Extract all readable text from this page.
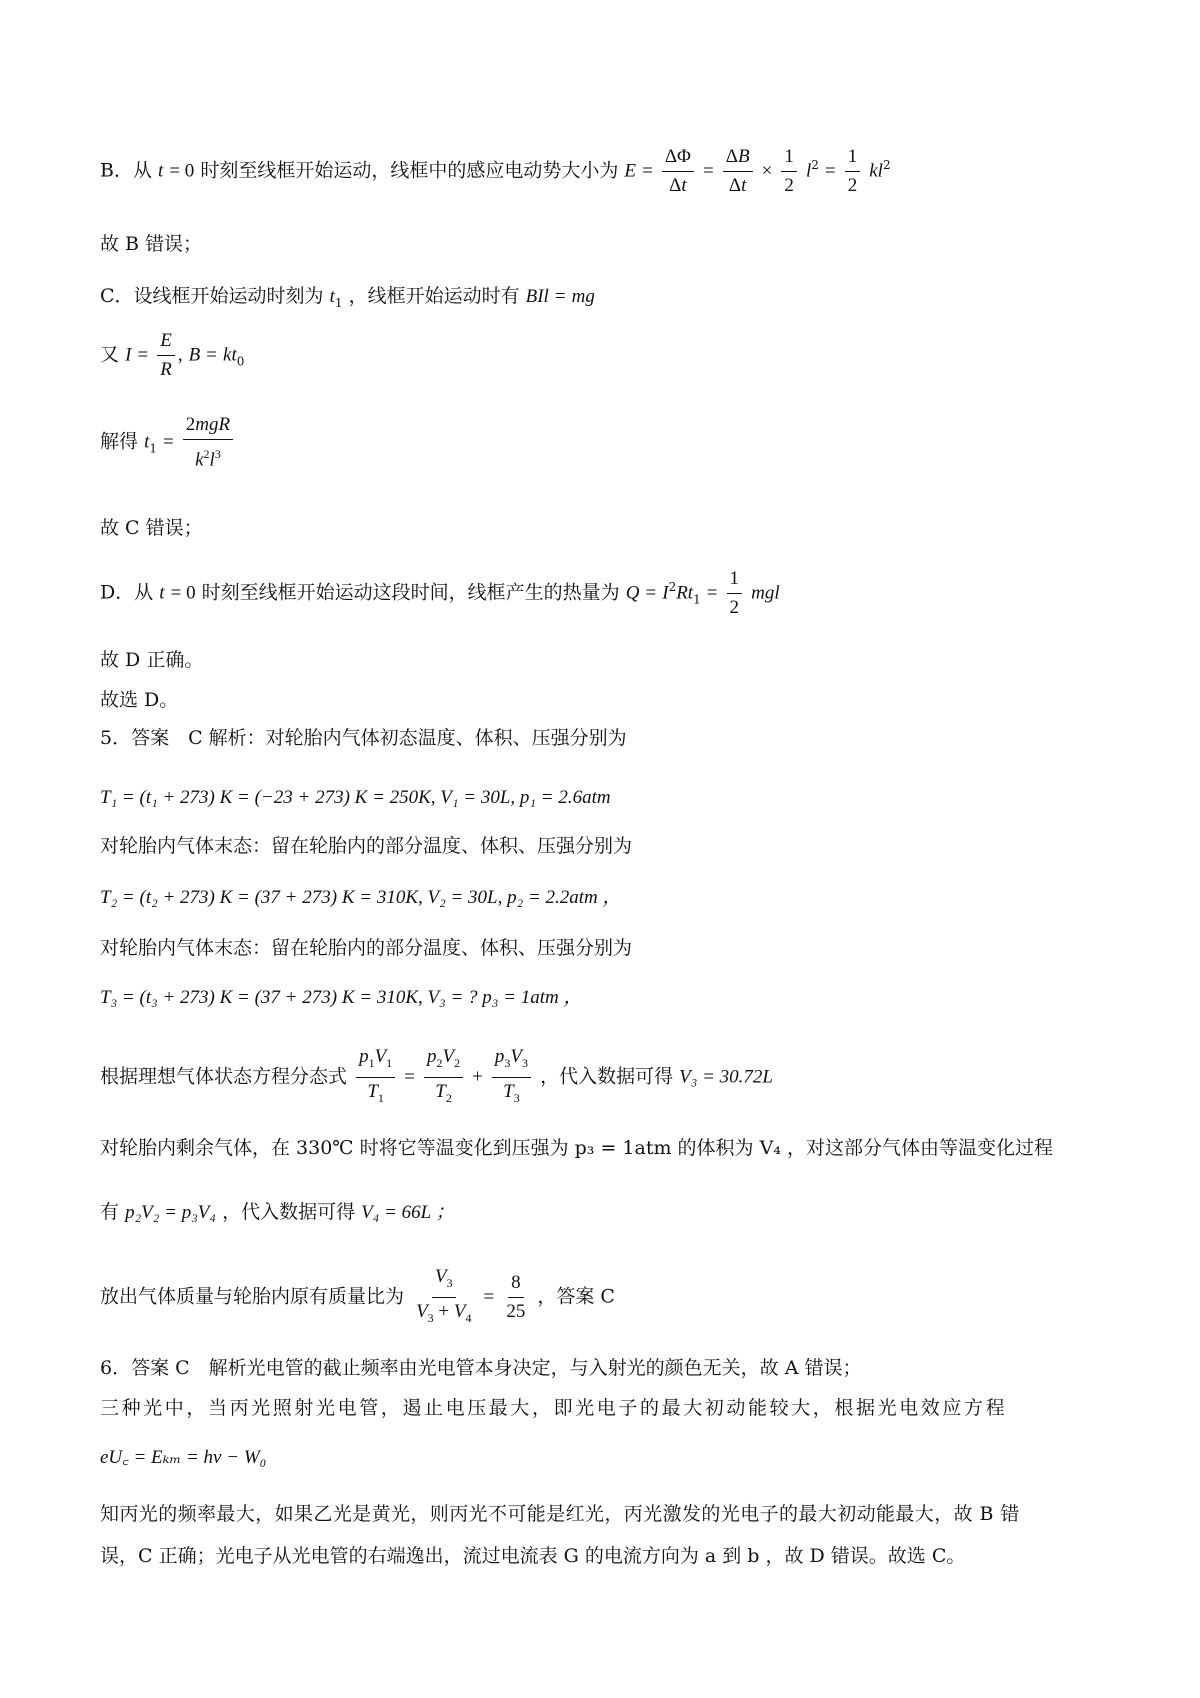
B．从 t = 0 时刻至线框开始运动，线框中的感应电动势大小为 $E = \frac{\Delta\Phi}{\Delta t} = \frac{\Delta B}{\Delta t} \times \frac{1}{2} l^2 = \frac{1}{2} kl^2$
故 B 错误；
C．设线框开始运动时刻为 $t_1$ ，线框开始运动时有 BIl = mg
又 $I = \frac{E}{R}$ , $B = kt_0$
解得 $t_1 = \frac{\text{2mgR}}{k^2l^3}$
故 C 错误；
D．从 t = 0 时刻至线框开始运动这段时间，线框产生的热量为 $Q = I^2Rt_1 = \frac{1}{2}$ mgl
故 D 正确。
故选 D。
5．答案　C 解析：对轮胎内气体初态温度、体积、压强分别为
T₁ = (t₁ + 273) K = (−23 + 273) K = 250K, V₁ = 30L, p₁ = 2.6atm
对轮胎内气体末态：留在轮胎内的部分温度、体积、压强分别为
T₂ = (t₂ + 273) K = (37 + 273) K = 310K, V₂ = 30L, p₂ = 2.2atm ，
对轮胎内气体末态：留在轮胎内的部分温度、体积、压强分别为
T₃ = (t₃ + 273) K = (37 + 273) K = 310K, V₃ = ? p₃ = 1atm ，
根据理想气体状态方程分态式 $\frac{p_1V_1}{T_1} = \frac{p_2V_2}{T_2} + \frac{p_3V_3}{T_3}$ ，代入数据可得 V₃ = 30.72L
对轮胎内剩余气体，在 330℃ 时将它等温变化到压强为 p₃ = 1atm 的体积为 V₄ ，对这部分气体由等温变化过程
有 p₂V₂ = p₃V₄ ，代入数据可得 V₄ = 66L ；
放出气体质量与轮胎内原有质量比为 $\frac{V_3}{V_3 + V_4} = \frac{8}{25}$ ，答案 C
6．答案 C　解析光电管的截止频率由光电管本身决定，与入射光的颜色无关，故 A 错误；
三种光中，当丙光照射光电管，遏止电压最大，即光电子的最大初动能较大，根据光电效应方程
eU꜀ = Eₖₘ = hν − W₀
知丙光的频率最大，如果乙光是黄光，则丙光不可能是红光，丙光激发的光电子的最大初动能最大，故 B 错
误，C 正确；光电子从光电管的右端逸出，流过电流表 G 的电流方向为 a 到 b ，故 D 错误。故选 C。
